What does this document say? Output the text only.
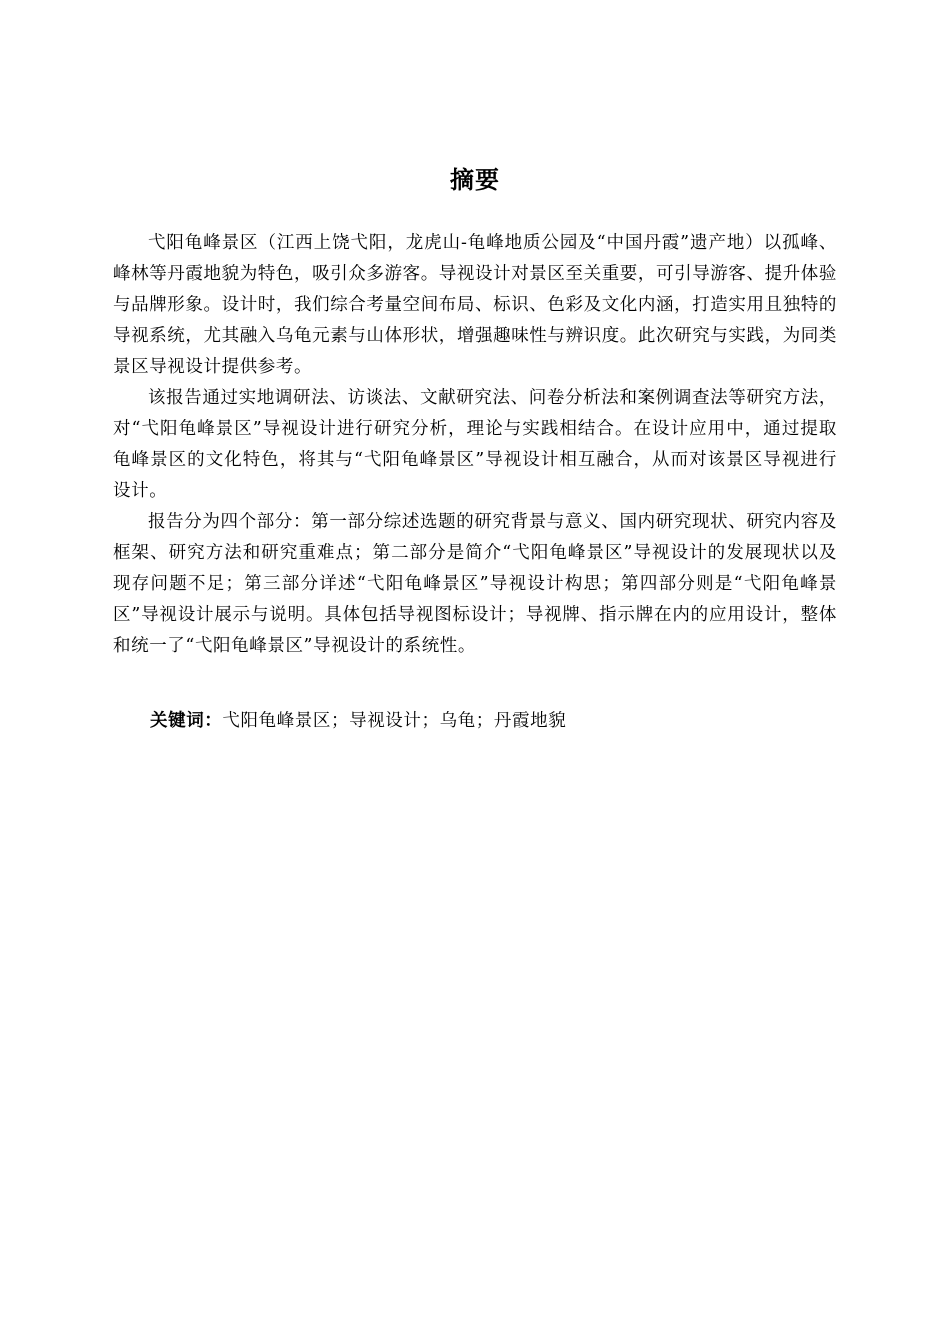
摘要

弋阳龟峰景区（江西上饶弋阳，龙虎山-龟峰地质公园及“中国丹霞”遗产地）以孤峰、峰林等丹霞地貌为特色，吸引众多游客。导视设计对景区至关重要，可引导游客、提升体验与品牌形象。设计时，我们综合考量空间布局、标识、色彩及文化内涵，打造实用且独特的导视系统，尤其融入乌龟元素与山体形状，增强趣味性与辨识度。此次研究与实践，为同类景区导视设计提供参考。

该报告通过实地调研法、访谈法、文献研究法、问卷分析法和案例调查法等研究方法，对“弋阳龟峰景区”导视设计进行研究分析，理论与实践相结合。在设计应用中，通过提取龟峰景区的文化特色，将其与“弋阳龟峰景区”导视设计相互融合，从而对该景区导视进行设计。

报告分为四个部分：第一部分综述选题的研究背景与意义、国内研究现状、研究内容及框架、研究方法和研究重难点；第二部分是简介“弋阳龟峰景区”导视设计的发展现状以及现存问题不足；第三部分详述“弋阳龟峰景区”导视设计构思；第四部分则是“弋阳龟峰景区”导视设计展示与说明。具体包括导视图标设计；导视牌、指示牌在内的应用设计，整体和统一了“弋阳龟峰景区”导视设计的系统性。

关键词：弋阳龟峰景区；导视设计；乌龟；丹霞地貌
